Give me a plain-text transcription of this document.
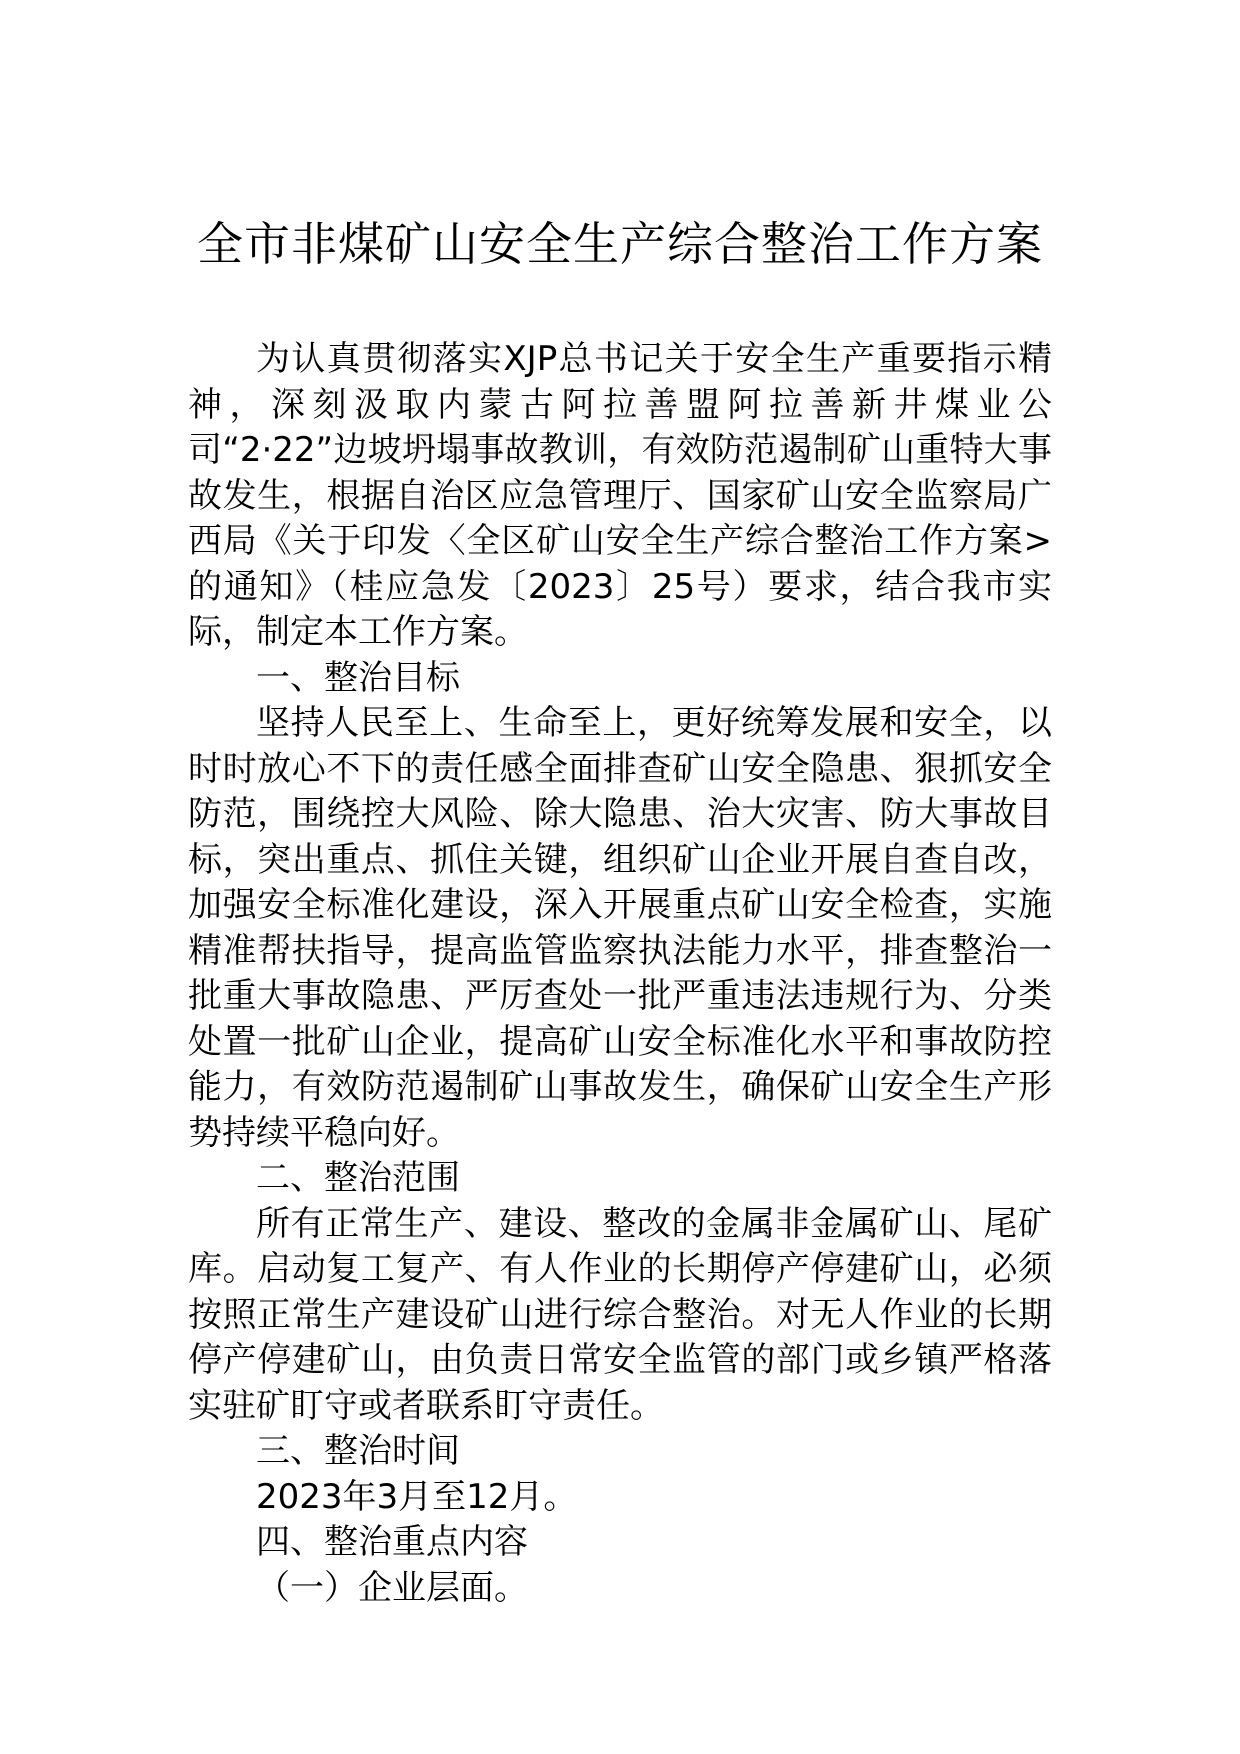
全市非煤矿山安全生产综合整治工作方案

为认真贯彻落实XJP总书记关于安全生产重要指示精神，深刻汲取内蒙古阿拉善盟阿拉善新井煤业公司“2·22”边坡坍塌事故教训，有效防范遏制矿山重特大事故发生，根据自治区应急管理厅、国家矿山安全监察局广西局《关于印发〈全区矿山安全生产综合整治工作方案>的通知》（桂应急发〔2023〕25号）要求，结合我市实际，制定本工作方案。

一、整治目标

坚持人民至上、生命至上，更好统筹发展和安全，以时时放心不下的责任感全面排查矿山安全隐患、狠抓安全防范，围绕控大风险、除大隐患、治大灾害、防大事故目标，突出重点、抓住关键，组织矿山企业开展自查自改，加强安全标准化建设，深入开展重点矿山安全检查，实施精准帮扶指导，提高监管监察执法能力水平，排查整治一批重大事故隐患、严厉查处一批严重违法违规行为、分类处置一批矿山企业，提高矿山安全标准化水平和事故防控能力，有效防范遏制矿山事故发生，确保矿山安全生产形势持续平稳向好。

二、整治范围

所有正常生产、建设、整改的金属非金属矿山、尾矿库。启动复工复产、有人作业的长期停产停建矿山，必须按照正常生产建设矿山进行综合整治。对无人作业的长期停产停建矿山，由负责日常安全监管的部门或乡镇严格落实驻矿盯守或者联系盯守责任。

三、整治时间

2023年3月至12月。

四、整治重点内容

（一）企业层面。
